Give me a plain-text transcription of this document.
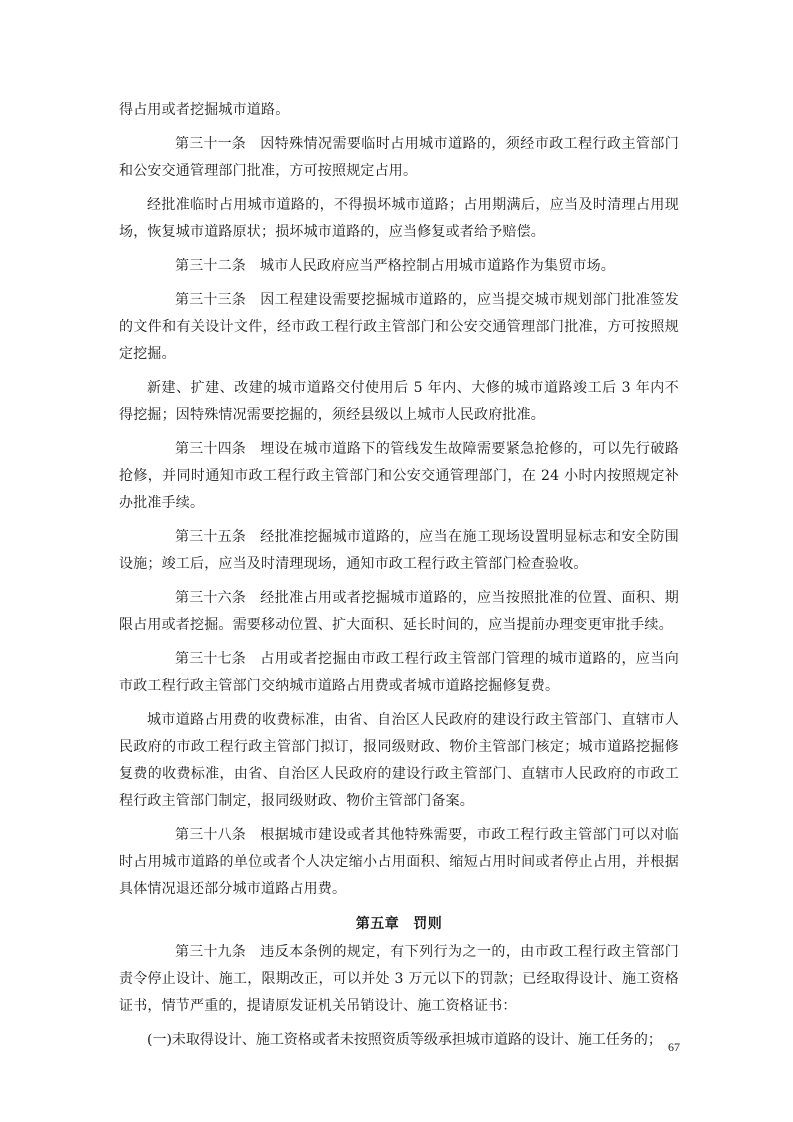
得占用或者挖掘城市道路。

第三十一条 因特殊情况需要临时占用城市道路的，须经市政工程行政主管部门和公安交通管理部门批准，方可按照规定占用。

经批准临时占用城市道路的，不得损坏城市道路；占用期满后，应当及时清理占用现场，恢复城市道路原状；损坏城市道路的，应当修复或者给予赔偿。

第三十二条 城市人民政府应当严格控制占用城市道路作为集贸市场。

第三十三条 因工程建设需要挖掘城市道路的，应当提交城市规划部门批准签发的文件和有关设计文件，经市政工程行政主管部门和公安交通管理部门批准，方可按照规定挖掘。

新建、扩建、改建的城市道路交付使用后 5 年内、大修的城市道路竣工后 3 年内不得挖掘；因特殊情况需要挖掘的，须经县级以上城市人民政府批准。

第三十四条 埋设在城市道路下的管线发生故障需要紧急抢修的，可以先行破路抢修，并同时通知市政工程行政主管部门和公安交通管理部门，在 24 小时内按照规定补办批准手续。

第三十五条 经批准挖掘城市道路的，应当在施工现场设置明显标志和安全防围设施；竣工后，应当及时清理现场，通知市政工程行政主管部门检查验收。

第三十六条 经批准占用或者挖掘城市道路的，应当按照批准的位置、面积、期限占用或者挖掘。需要移动位置、扩大面积、延长时间的，应当提前办理变更审批手续。

第三十七条 占用或者挖掘由市政工程行政主管部门管理的城市道路的，应当向市政工程行政主管部门交纳城市道路占用费或者城市道路挖掘修复费。

城市道路占用费的收费标准，由省、自治区人民政府的建设行政主管部门、直辖市人民政府的市政工程行政主管部门拟订，报同级财政、物价主管部门核定；城市道路挖掘修复费的收费标准，由省、自治区人民政府的建设行政主管部门、直辖市人民政府的市政工程行政主管部门制定，报同级财政、物价主管部门备案。

第三十八条 根据城市建设或者其他特殊需要，市政工程行政主管部门可以对临时占用城市道路的单位或者个人决定缩小占用面积、缩短占用时间或者停止占用，并根据具体情况退还部分城市道路占用费。

第五章 罚则

第三十九条 违反本条例的规定，有下列行为之一的，由市政工程行政主管部门责令停止设计、施工，限期改正，可以并处 3 万元以下的罚款；已经取得设计、施工资格证书，情节严重的，提请原发证机关吊销设计、施工资格证书：

(一)未取得设计、施工资格或者未按照资质等级承担城市道路的设计、施工任务的； 67
